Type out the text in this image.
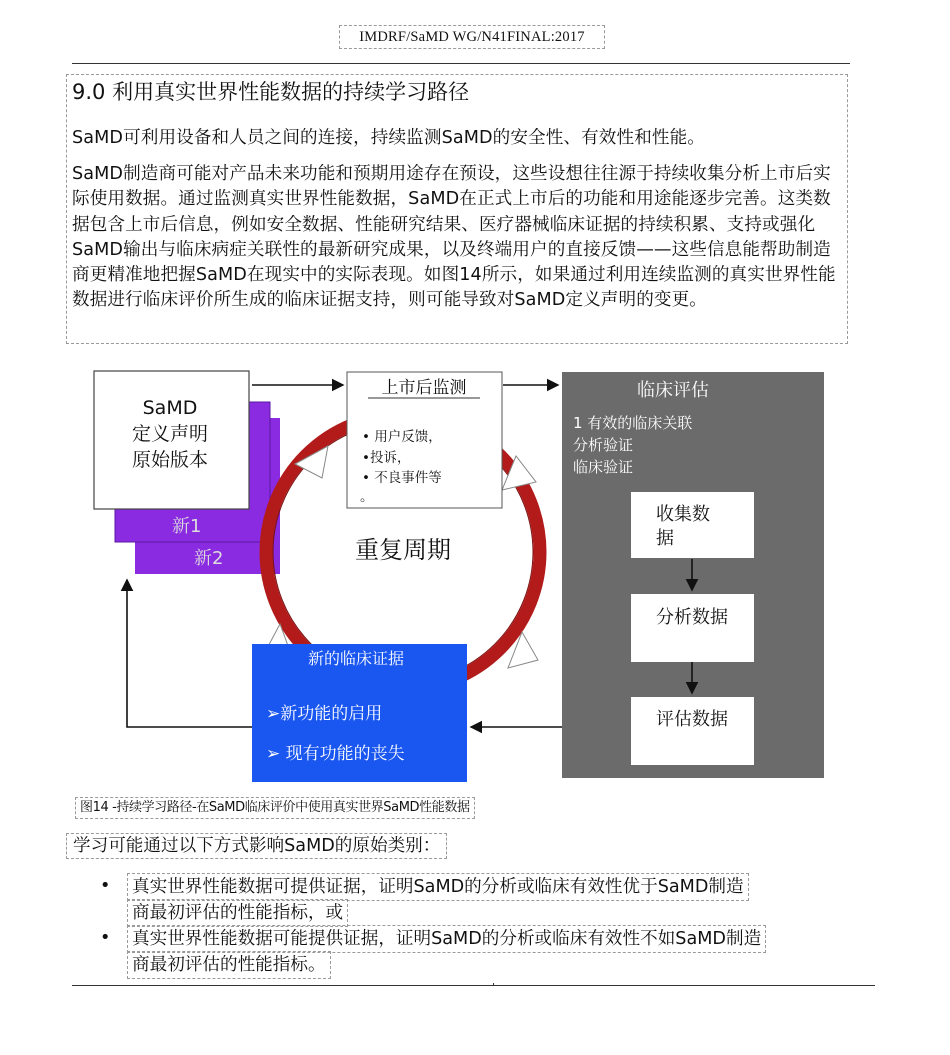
IMDRF/SaMD WG/N41FINAL:2017
9.0 利用真实世界性能数据的持续学习路径
SaMD可利用设备和人员之间的连接，持续监测SaMD的安全性、有效性和性能。
SaMD制造商可能对产品未来功能和预期用途存在预设，这些设想往往源于持续收集分析上市后实际使用数据。通过监测真实世界性能数据，SaMD在正式上市后的功能和用途能逐步完善。这类数据包含上市后信息，例如安全数据、性能研究结果、医疗器械临床证据的持续积累、支持或强化SaMD输出与临床病症关联性的最新研究成果，以及终端用户的直接反馈——这些信息能帮助制造商更精准地把握SaMD在现实中的实际表现。如图14所示，如果通过利用连续监测的真实世界性能数据进行临床评价所生成的临床证据支持，则可能导致对SaMD定义声明的变更。
临床评估
1 有效的临床关联
分析验证
临床验证
收集数
据
分析数据
评估数据
新1
新2
SaMD
定义声明
原始版本
重复周期
上市后监测
• 用户反馈，
•投诉，
• 不良事件等
。
新的临床证据
➢新功能的启用
➢ 现有功能的丧失
图14 -持续学习路径-在SaMD临床评价中使用真实世界SaMD性能数据
学习可能通过以下方式影响SaMD的原始类别：
•	真实世界性能数据可提供证据，证明SaMD的分析或临床有效性优于SaMD制造
商最初评估的性能指标，或
•	真实世界性能数据可能提供证据，证明SaMD的分析或临床有效性不如SaMD制造
商最初评估的性能指标。
